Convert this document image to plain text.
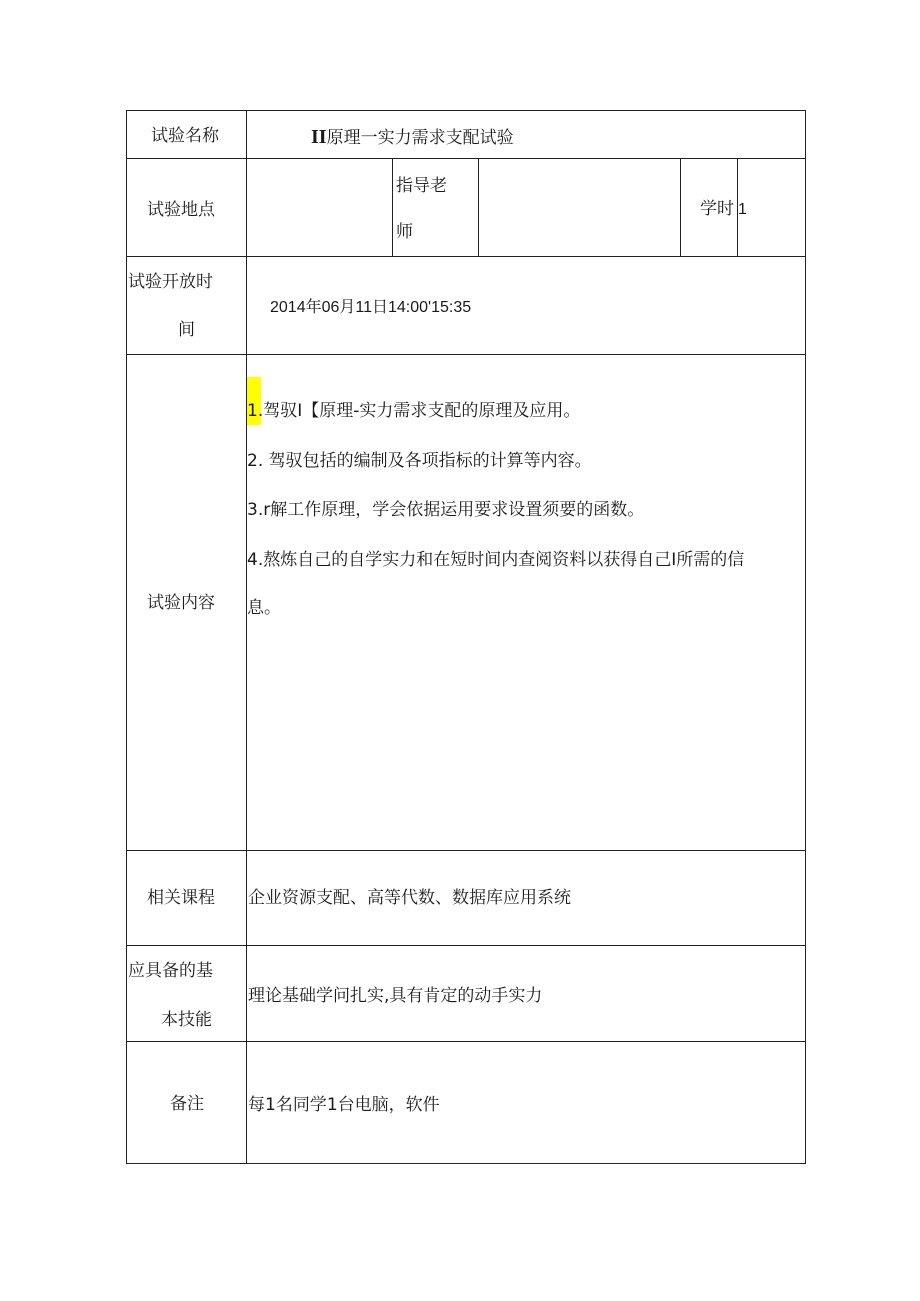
试验名称	II原理一实力需求支配试验
试验地点
指导老
师
学时 1
试验开放时
间
2014年06月11日14:00'15:35
试验内容
1.驾驭I【原理-实力需求支配的原理及应用。
2. 驾驭包括的编制及各项指标的计算等内容。
3.r解工作原理，学会依据运用要求设置须要的函数。
4.熬炼自己的自学实力和在短时间内查阅资料以获得自己I所需的信
息。
相关课程 企业资源支配、高等代数、数据库应用系统
应具备的基
本技能
理论基础学问扎实,具有肯定的动手实力
备注	每1名同学1台电脑，软件
